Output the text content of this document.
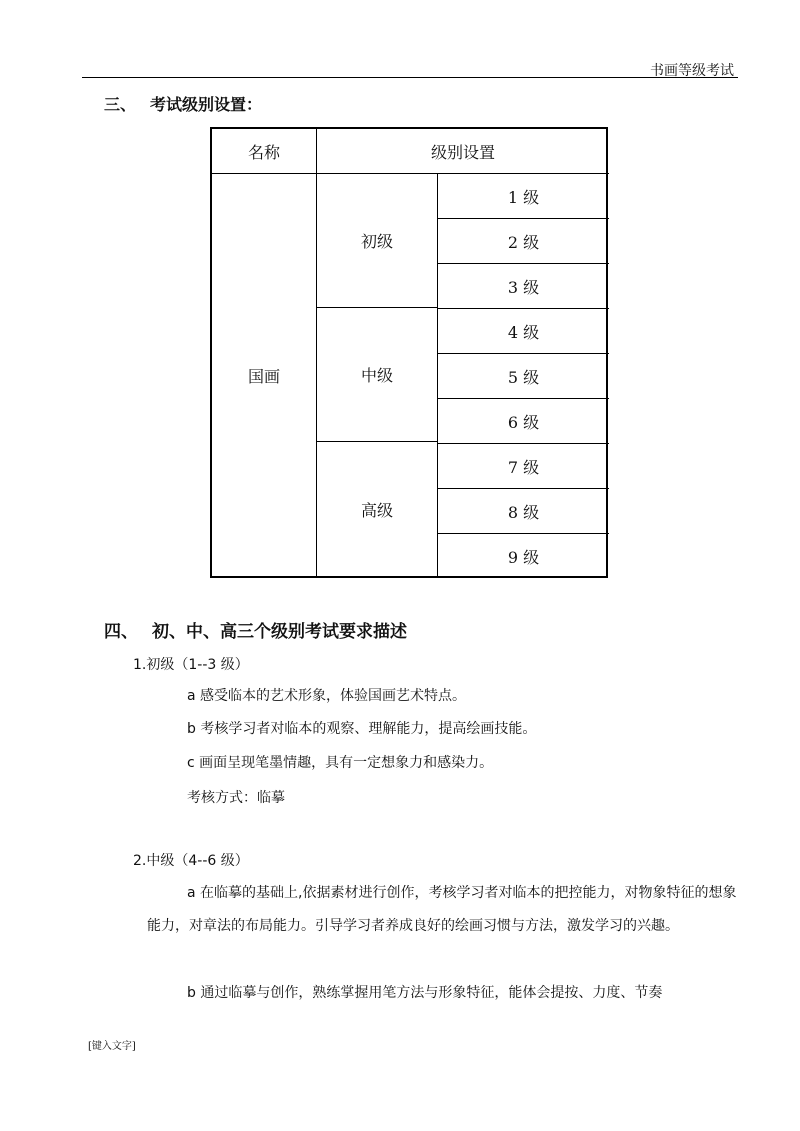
书画等级考试
三、 考试级别设置：
名称	级别设置
国画
初级
中级
高级
1 级
2 级
3 级
4 级
5 级
6 级
7 级
8 级
9 级
四、 初、中、高三个级别考试要求描述
1.初级（1--3 级）
a 感受临本的艺术形象，体验国画艺术特点。
b 考核学习者对临本的观察、理解能力，提高绘画技能。
c 画面呈现笔墨情趣，具有一定想象力和感染力。
考核方式：临摹
2.中级（4--6 级）
a 在临摹的基础上,依据素材进行创作，考核学习者对临本的把控能力，对物象特征的想象能力，对章法的布局能力。引导学习者养成良好的绘画习惯与方法，激发学习的兴趣。
b 通过临摹与创作，熟练掌握用笔方法与形象特征，能体会提按、力度、节奏
[键入文字]
